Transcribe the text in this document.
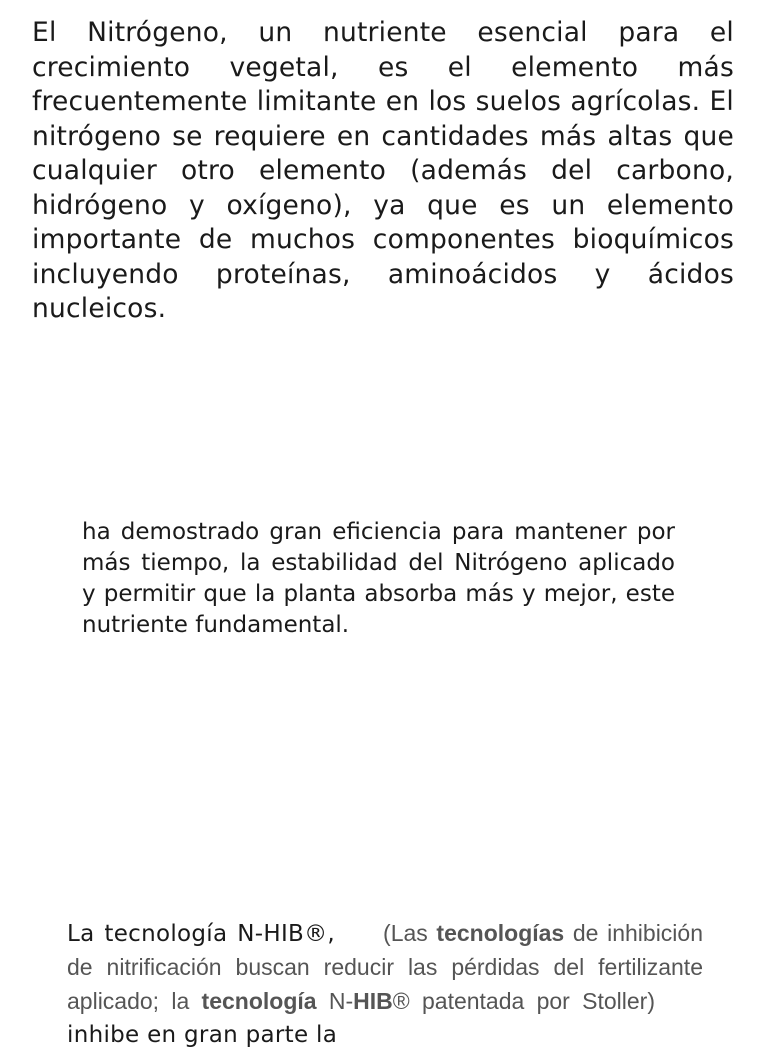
El Nitrógeno, un nutriente esencial para el crecimiento vegetal, es el elemento más frecuentemente limitante en los suelos agrícolas. El nitrógeno se requiere en cantidades más altas que cualquier otro elemento (además del carbono, hidrógeno y oxígeno), ya que es un elemento importante de muchos componentes bioquímicos incluyendo proteínas, aminoácidos y ácidos nucleicos.

ha demostrado gran eficiencia para mantener por más tiempo, la estabilidad del Nitrógeno aplicado y permitir que la planta absorba más y mejor, este nutriente fundamental.

La tecnología N-HIB®, (Las tecnologías de inhibición de nitrificación buscan reducir las pérdidas del fertilizante aplicado; la tecnología N-HIB® patentada por Stoller)inhibe en gran parte la
